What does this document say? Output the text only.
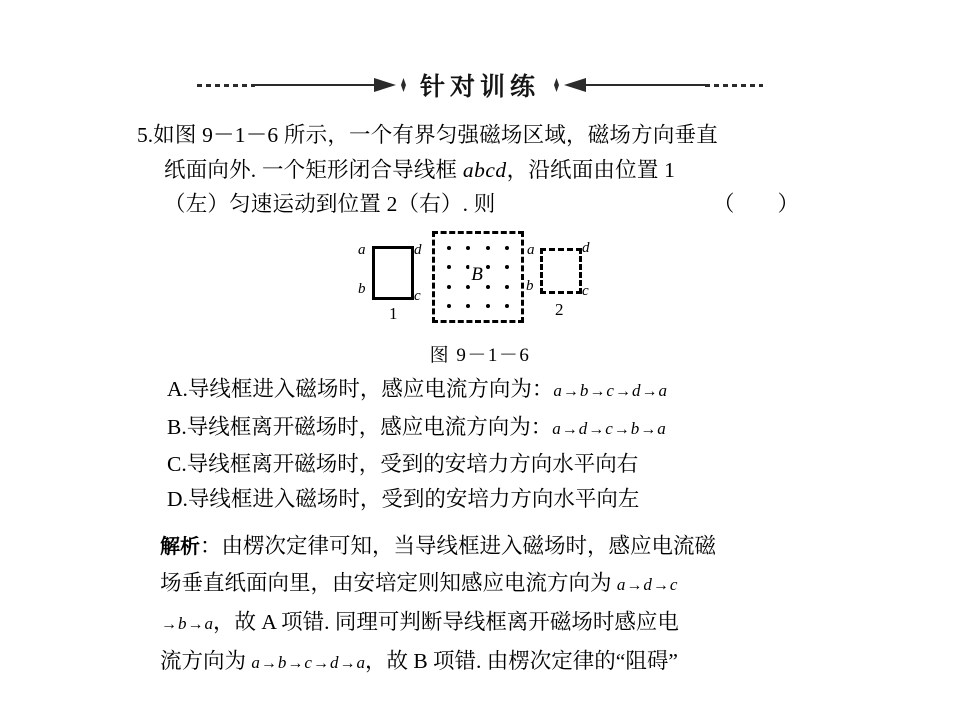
针对训练
5.如图 9－1－6 所示，一个有界匀强磁场区域，磁场方向垂直
纸面向外. 一个矩形闭合导线框 abcd，沿纸面由位置 1
（左）匀速运动到位置 2（右）. 则	（　　）
a	d
b	c
1
B
a	d
b	c
2
图 9－1－6
A.导线框进入磁场时，感应电流方向为：a→b→c→d→a
B.导线框离开磁场时，感应电流方向为：a→d→c→b→a
C.导线框离开磁场时，受到的安培力方向水平向右
D.导线框进入磁场时，受到的安培力方向水平向左
解析：由楞次定律可知，当导线框进入磁场时，感应电流磁
场垂直纸面向里，由安培定则知感应电流方向为 a→d→c
→b→a，故 A 项错. 同理可判断导线框离开磁场时感应电
流方向为 a→b→c→d→a，故 B 项错. 由楞次定律的“阻碍”
